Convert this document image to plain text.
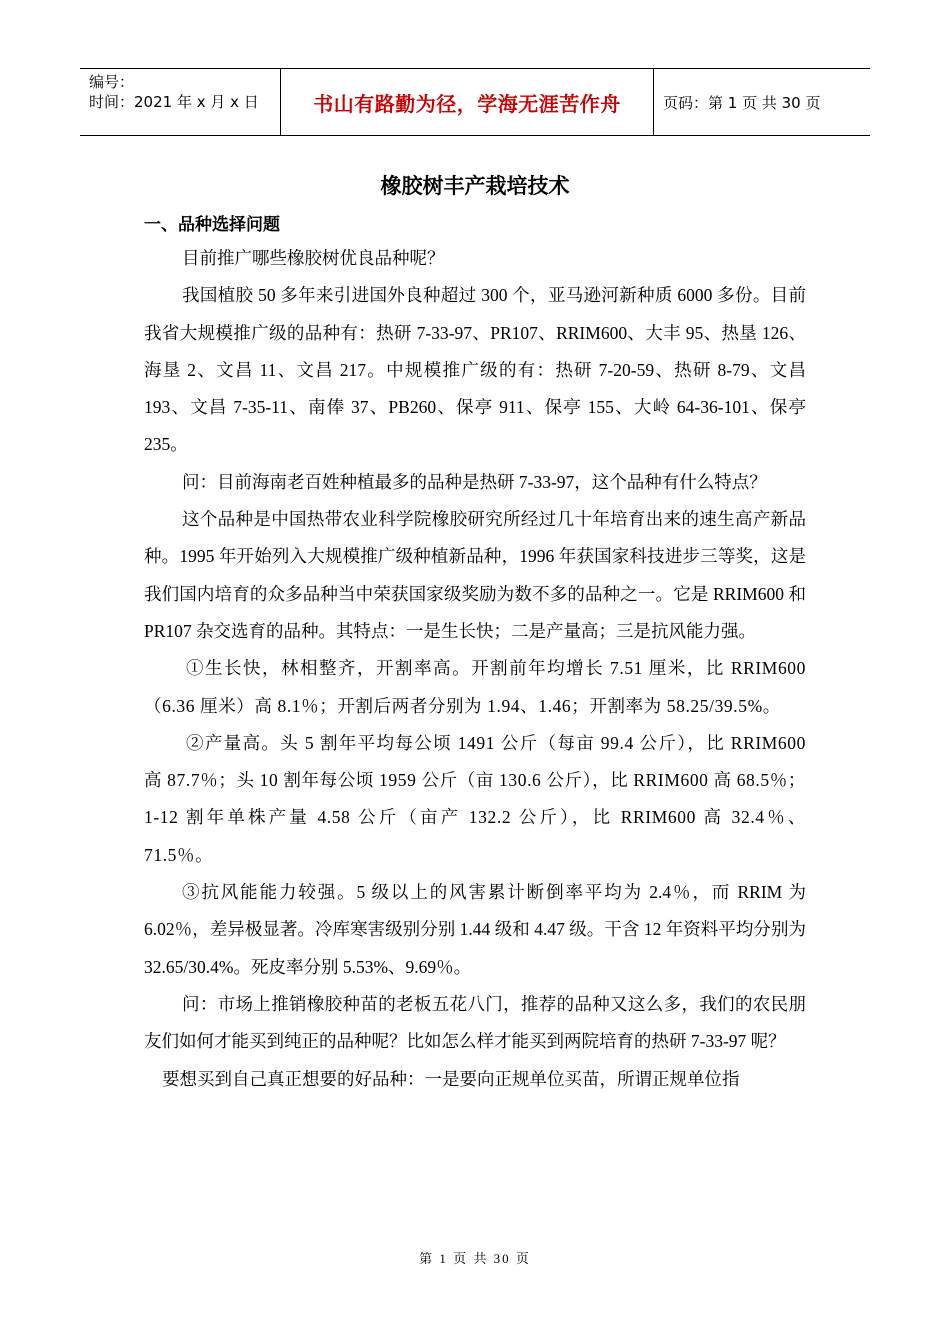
编号：
时间：2021 年 x 月 x 日	书山有路勤为径，学海无涯苦作舟	页码：第 1 页 共 30 页
橡胶树丰产栽培技术
一、品种选择问题

目前推广哪些橡胶树优良品种呢？

我国植胶 50 多年来引进国外良种超过 300 个，亚马逊河新种质 6000 多份。目前我省大规模推广级的品种有：热研 7-33-97、PR107、RRIM600、大丰 95、热垦 126、海垦 2、文昌 11、文昌 217。中规模推广级的有：热研 7-20-59、热研 8-79、文昌 193、文昌 7-35-11、南俸 37、PB260、保亭 911、保亭 155、大岭 64-36-101、保亭 235。

问：目前海南老百姓种植最多的品种是热研 7-33-97，这个品种有什么特点？

这个品种是中国热带农业科学院橡胶研究所经过几十年培育出来的速生高产新品种。1995 年开始列入大规模推广级种植新品种，1996 年获国家科技进步三等奖，这是我们国内培育的众多品种当中荣获国家级奖励为数不多的品种之一。它是 RRIM600 和 PR107 杂交选育的品种。其特点：一是生长快；二是产量高；三是抗风能力强。

①生长快，林相整齐，开割率高。开割前年均增长 7.51 厘米，比 RRIM600（6.36 厘米）高 8.1％；开割后两者分别为 1.94、1.46；开割率为 58.25/39.5%。

②产量高。头 5 割年平均每公顷 1491 公斤（每亩 99.4 公斤），比 RRIM600 高 87.7％；头 10 割年每公顷 1959 公斤（亩 130.6 公斤），比 RRIM600 高 68.5％；1-12 割年单株产量 4.58 公斤（亩产 132.2 公斤），比 RRIM600 高 32.4％、71.5％。

③抗风能能力较强。5 级以上的风害累计断倒率平均为 2.4％，而 RRIM 为 6.02％，差异极显著。冷库寒害级别分别 1.44 级和 4.47 级。干含 12 年资料平均分别为 32.65/30.4%。死皮率分别 5.53%、9.69％。

问：市场上推销橡胶种苗的老板五花八门，推荐的品种又这么多，我们的农民朋友们如何才能买到纯正的品种呢？比如怎么样才能买到两院培育的热研 7-33-97 呢？

要想买到自己真正想要的好品种：一是要向正规单位买苗，所谓正规单位指

第 1 页 共 30 页
